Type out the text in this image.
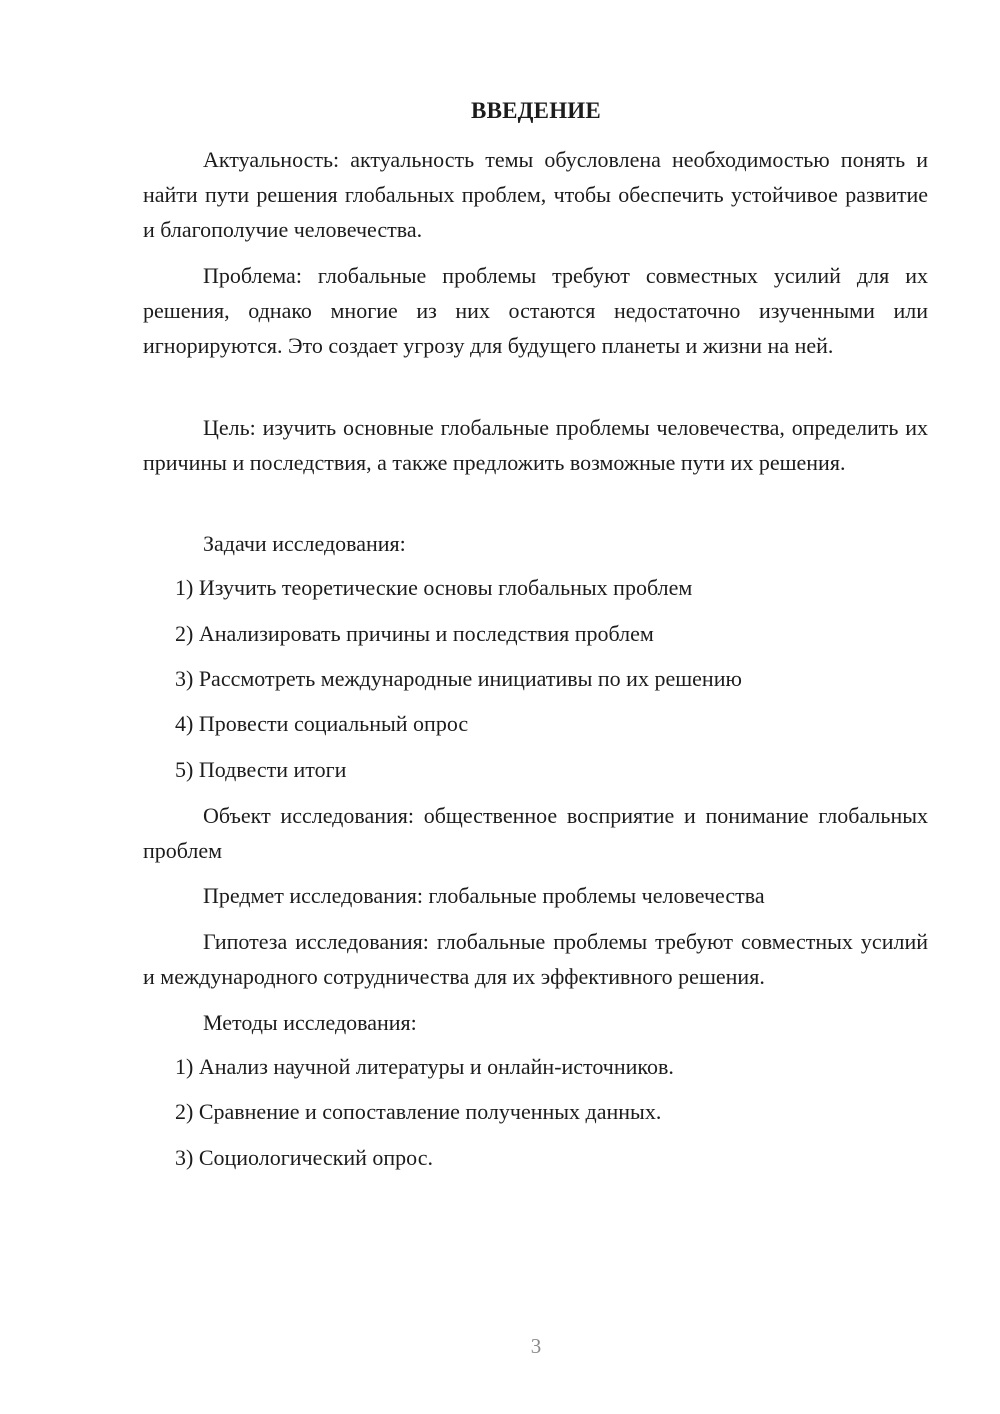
ВВЕДЕНИЕ

Актуальность: актуальность темы обусловлена необходимостью понять и найти пути решения глобальных проблем, чтобы обеспечить устойчивое развитие и благополучие человечества.

Проблема: глобальные проблемы требуют совместных усилий для их решения, однако многие из них остаются недостаточно изученными или игнорируются. Это создает угрозу для будущего планеты и жизни на ней.

Цель: изучить основные глобальные проблемы человечества, определить их причины и последствия, а также предложить возможные пути их решения.

Задачи исследования:

1) Изучить теоретические основы глобальных проблем

2) Анализировать причины и последствия проблем

3) Рассмотреть международные инициативы по их решению

4) Провести социальный опрос

5) Подвести итоги

Объект исследования: общественное восприятие и понимание глобальных проблем

Предмет исследования: глобальные проблемы человечества

Гипотеза исследования: глобальные проблемы требуют совместных усилий и международного сотрудничества для их эффективного решения.

Методы исследования:

1) Анализ научной литературы и онлайн-источников.

2) Сравнение и сопоставление полученных данных.

3) Социологический опрос.

3
